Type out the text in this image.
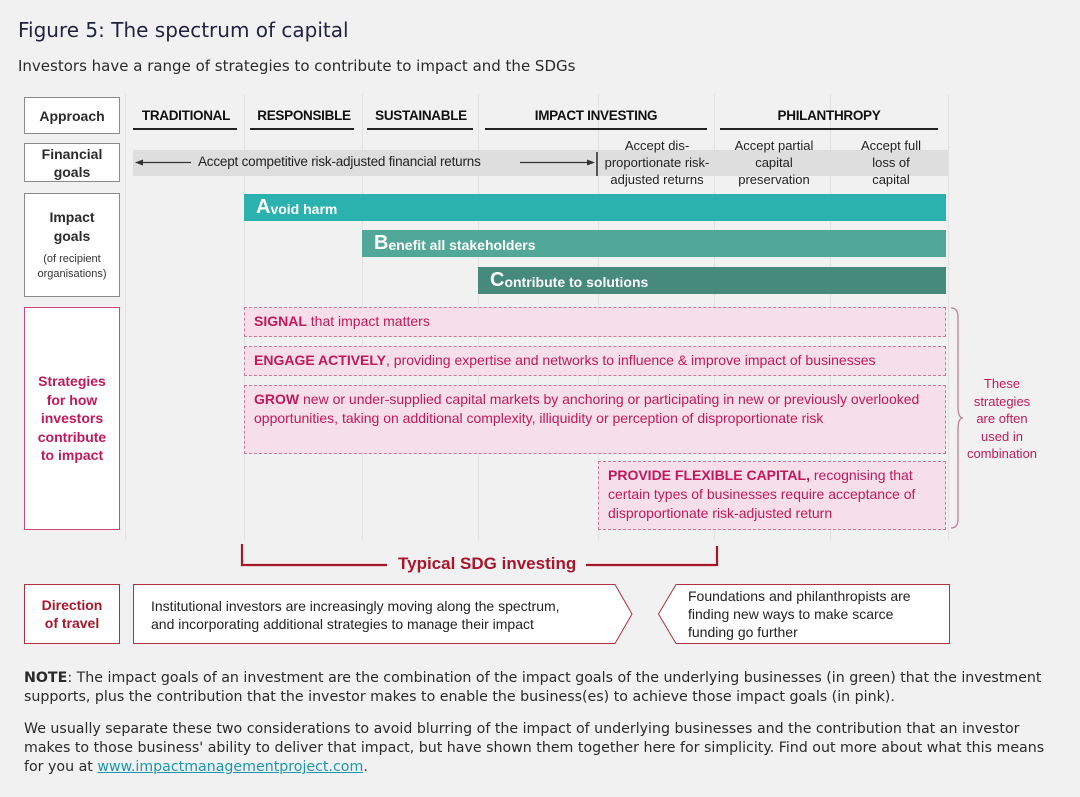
Figure 5: The spectrum of capital
Investors have a range of strategies to contribute to impact and the SDGs
Approach
Financial
goals
Impact
goals
(of recipient
organisations)
Strategies
for how
investors
contribute
to impact
Direction
of travel
TRADITIONAL	RESPONSIBLE	SUSTAINABLE	IMPACT INVESTING	PHILANTHROPY
Accept competitive risk-adjusted financial returns
Accept dis-
proportionate risk-
adjusted returns
Accept partial
capital
preservation
Accept full
loss of
capital
A void harm
B enefit all stakeholders
C ontribute to solutions
SIGNAL that impact matters
ENGAGE ACTIVELY, providing expertise and networks to influence & improve impact of businesses
GROW new or under-supplied capital markets by anchoring or participating in new or previously overlooked opportunities, taking on additional complexity, illiquidity or perception of disproportionate risk
PROVIDE FLEXIBLE CAPITAL, recognising that certain types of businesses require acceptance of disproportionate risk-adjusted return
These
strategies
are often
used in
combination
Typical SDG investing
Institutional investors are increasingly moving along the spectrum,
and incorporating additional strategies to manage their impact
Foundations and philanthropists are
finding new ways to make scarce
funding go further
NOTE: The impact goals of an investment are the combination of the impact goals of the underlying businesses (in green) that the investment supports, plus the contribution that the investor makes to enable the business(es) to achieve those impact goals (in pink).
We usually separate these two considerations to avoid blurring of the impact of underlying businesses and the contribution that an investor makes to those business' ability to deliver that impact, but have shown them together here for simplicity. Find out more about what this means for you at www.impactmanagementproject.com.
